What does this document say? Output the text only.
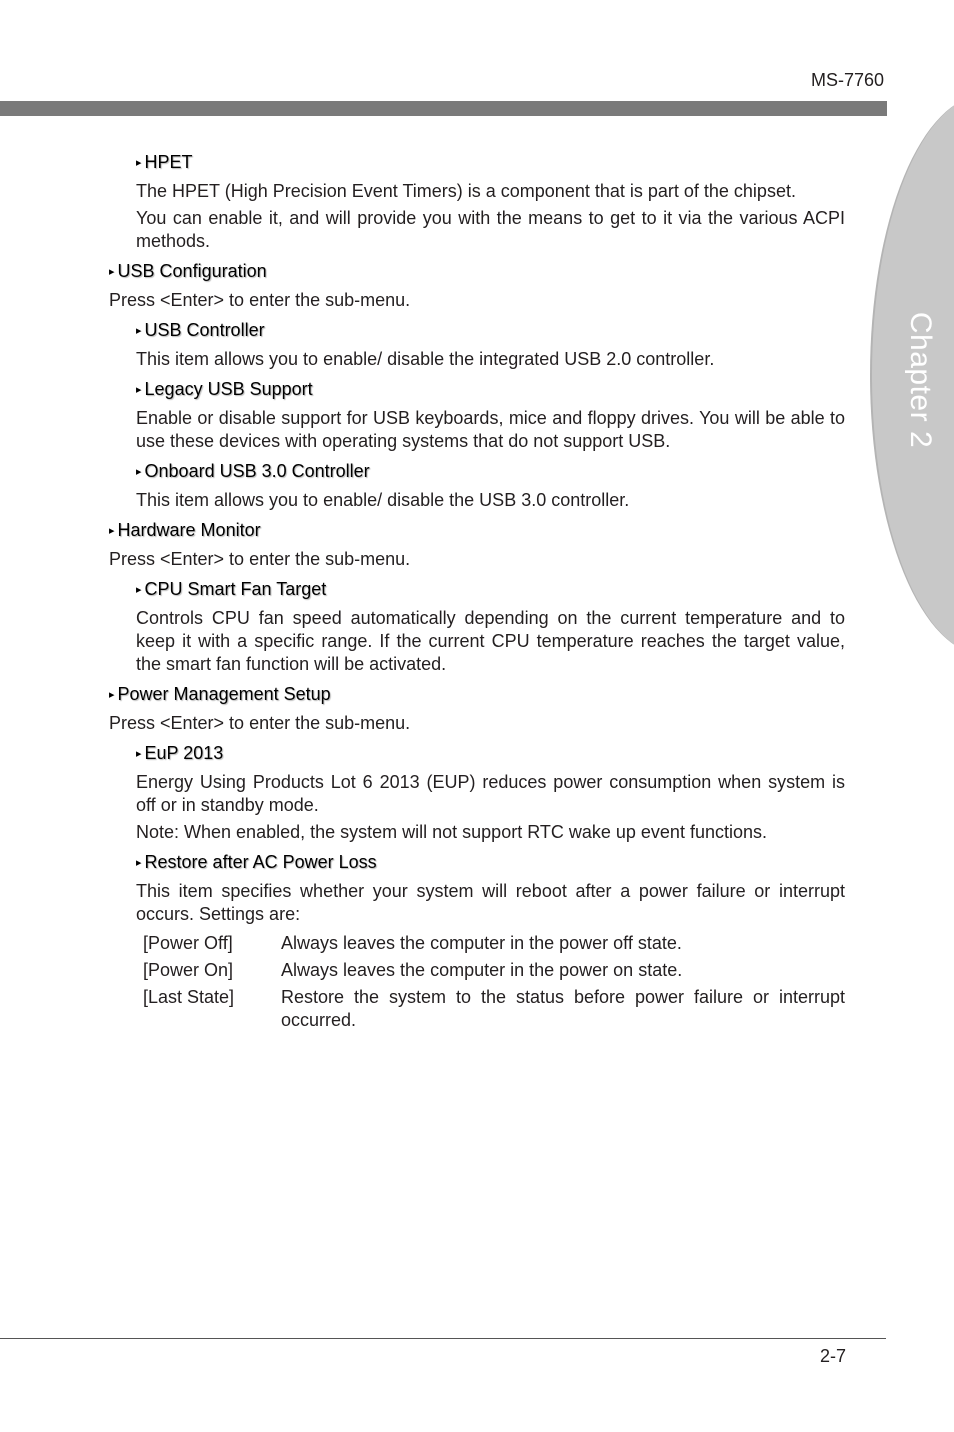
MS-7760
Chapter 2
▸ HPET

The HPET (High Precision Event Timers) is a component that is part of the chipset.

You can enable it, and will provide you with the means to get to it via the various ACPI methods.

▸ USB Configuration

Press <Enter> to enter the sub-menu.

▸ USB Controller

This item allows you to enable/ disable the integrated USB 2.0 controller.

▸ Legacy USB Support

Enable or disable support for USB keyboards, mice and floppy drives. You will be able to use these devices with operating systems that do not support USB.

▸ Onboard USB 3.0 Controller

This item allows you to enable/ disable the USB 3.0 controller.

▸ Hardware Monitor

Press <Enter> to enter the sub-menu.

▸ CPU Smart Fan Target

Controls CPU fan speed automatically depending on the current temperature and to keep it with a specific range. If the current CPU temperature reaches the target value, the smart fan function will be activated.

▸ Power Management Setup

Press <Enter> to enter the sub-menu.

▸ EuP 2013

Energy Using Products Lot 6 2013 (EUP) reduces power consumption when system is off or in standby mode.

Note: When enabled, the system will not support RTC wake up event functions.

▸ Restore after AC Power Loss

This item specifies whether your system will reboot after a power failure or interrupt occurs. Settings are:

[Power Off]	Always leaves the computer in the power off state.
[Power On]	Always leaves the computer in the power on state.
[Last State]	Restore the system to the status before power failure or interrupt occurred.
2-7
